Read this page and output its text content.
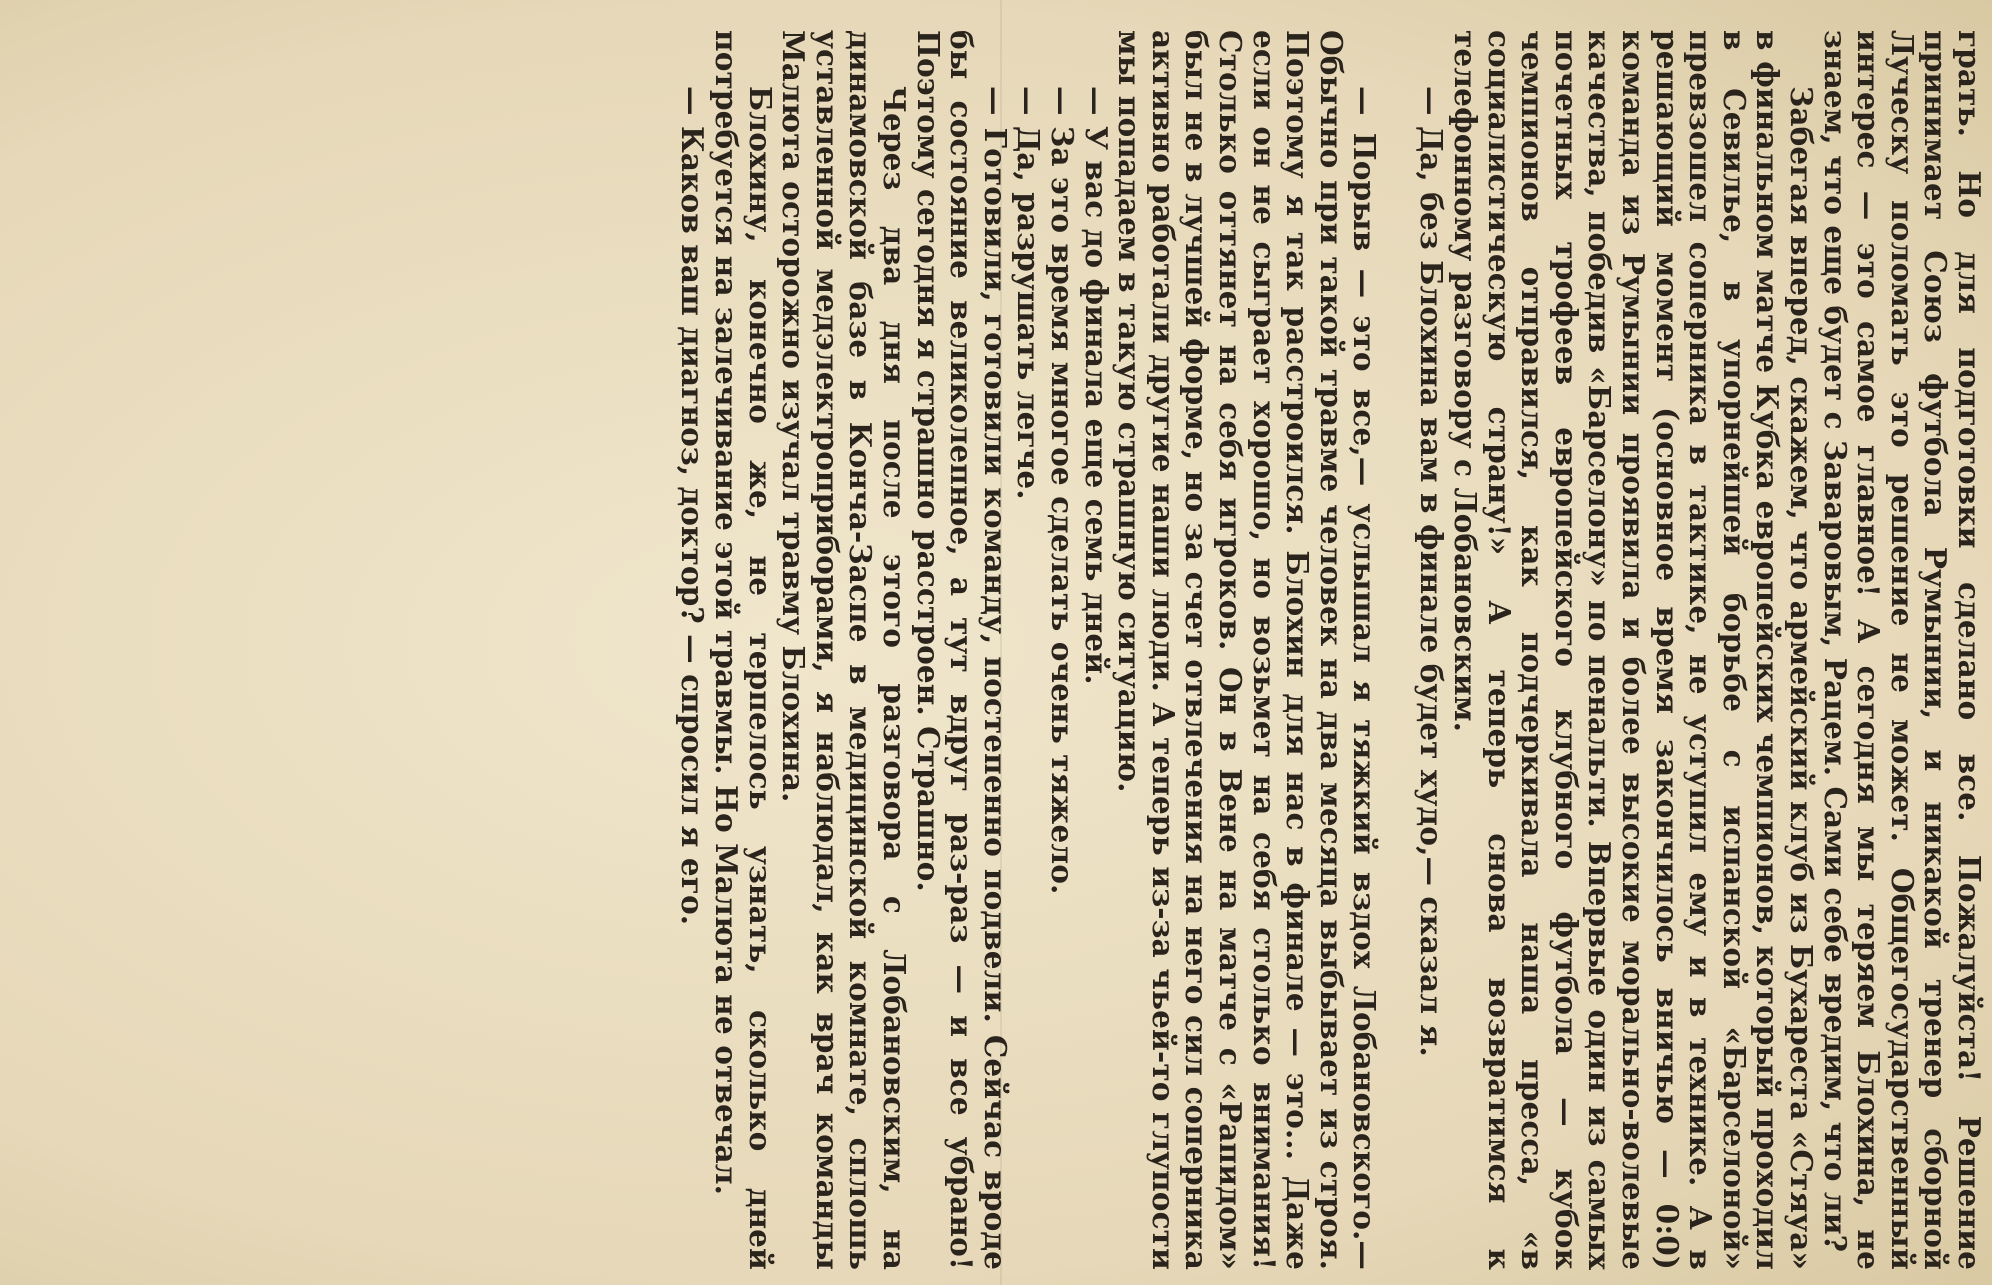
грать. Но для подготовки сделано все. Пожалуйста! Решение принимает Союз футбола Румынии, и никакой тренер сборной Луческу поломать это решение не может. Общегосударственный интерес — это самое главное! А сегодня мы теряем Блохина, не знаем, что еще будет с Заваровым, Рацем. Сами себе вредим, что ли?

Забегая вперед, скажем, что армейский клуб из Бухареста «Стяуа» в финальном матче Кубка европейских чемпионов, который проходил в Севилье, в упорнейшей борьбе с испанской «Барселоной» превзошел соперника в тактике, не уступил ему и в технике. А в решающий момент (основное время закончилось вничью — 0:0) команда из Румынии проявила и более высокие морально-волевые качества, победив «Барселону» по пенальти. Впервые один из самых почетных трофеев европейского клубного футбола — кубок чемпионов отправился, как подчеркивала наша пресса, «в социалистическую страну!» А теперь снова возвратимся к телефонному разговору с Лобановским.

— Да, без Блохина вам в финале будет худо,— сказал я.

— Порыв — это все,— услышал я тяжкий вздох Лобановского.— Обычно при такой травме человек на два месяца выбывает из строя. Поэтому я так расстроился. Блохин для нас в финале — это... Даже если он не сыграет хорошо, но возьмет на себя столько внимания! Столько оттянет на себя игроков. Он в Вене на матче с «Рапидом» был не в лучшей форме, но за счет отвлечения на него сил соперника активно работали другие наши люди. А теперь из-за чьей-то глупости мы попадаем в такую страшную ситуацию.

— У вас до финала еще семь дней.

— За это время многое сделать очень тяжело.

— Да, разрушать легче.

— Готовили, готовили команду, постепенно подвели. Сейчас вроде бы состояние великолепное, а тут вдруг раз-раз — и все убрано! Поэтому сегодня я страшно расстроен. Страшно.

Через два дня после этого разговора с Лобановским, на динамовской базе в Конча-Заспе в медицинской комнате, сплошь уставленной медэлектроприборами, я наблюдал, как врач команды Малюта осторожно изучал травму Блохина.

Блохину, конечно же, не терпелось узнать, сколько дней потребуется на залечивание этой травмы. Но Малюта не отвечал.

— Каков ваш диагноз, доктор? — спросил я его.
